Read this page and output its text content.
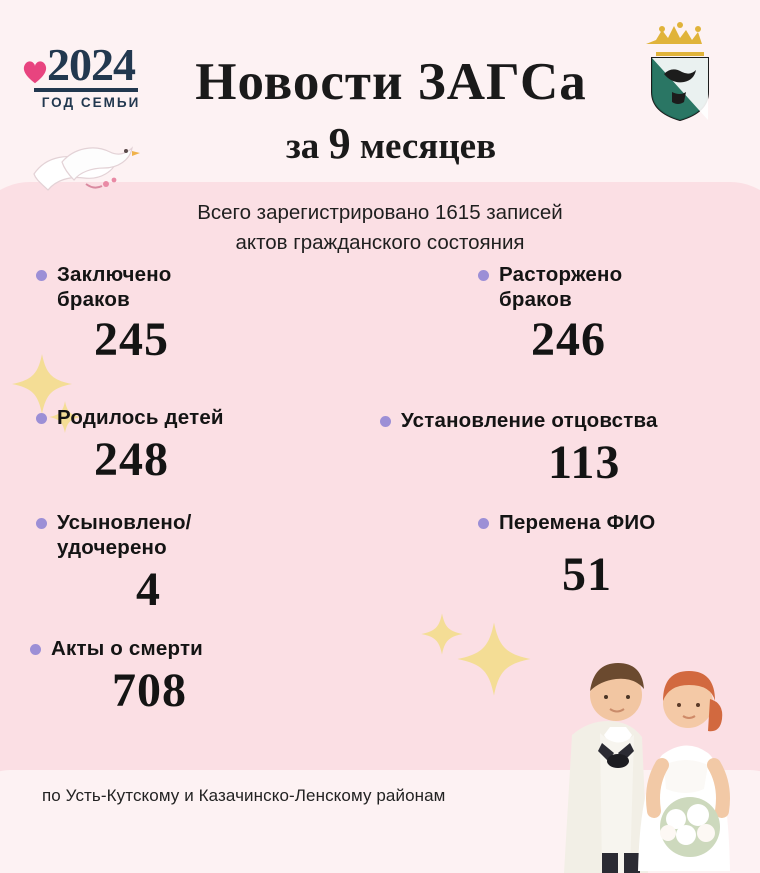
2024
ГОД СЕМЬИ	Новости ЗАГСа
за 9 месяцев
Всего зарегистрировано 1615 записей
актов гражданского состояния
Заключено
браков
245
Расторжено
браков
246
Родилось детей
248
Установление отцовства
113
Усыновлено/
удочерено
4
Перемена ФИО
51
Акты о смерти
708
по Усть-Кутскому и Казачинско-Ленскому районам
